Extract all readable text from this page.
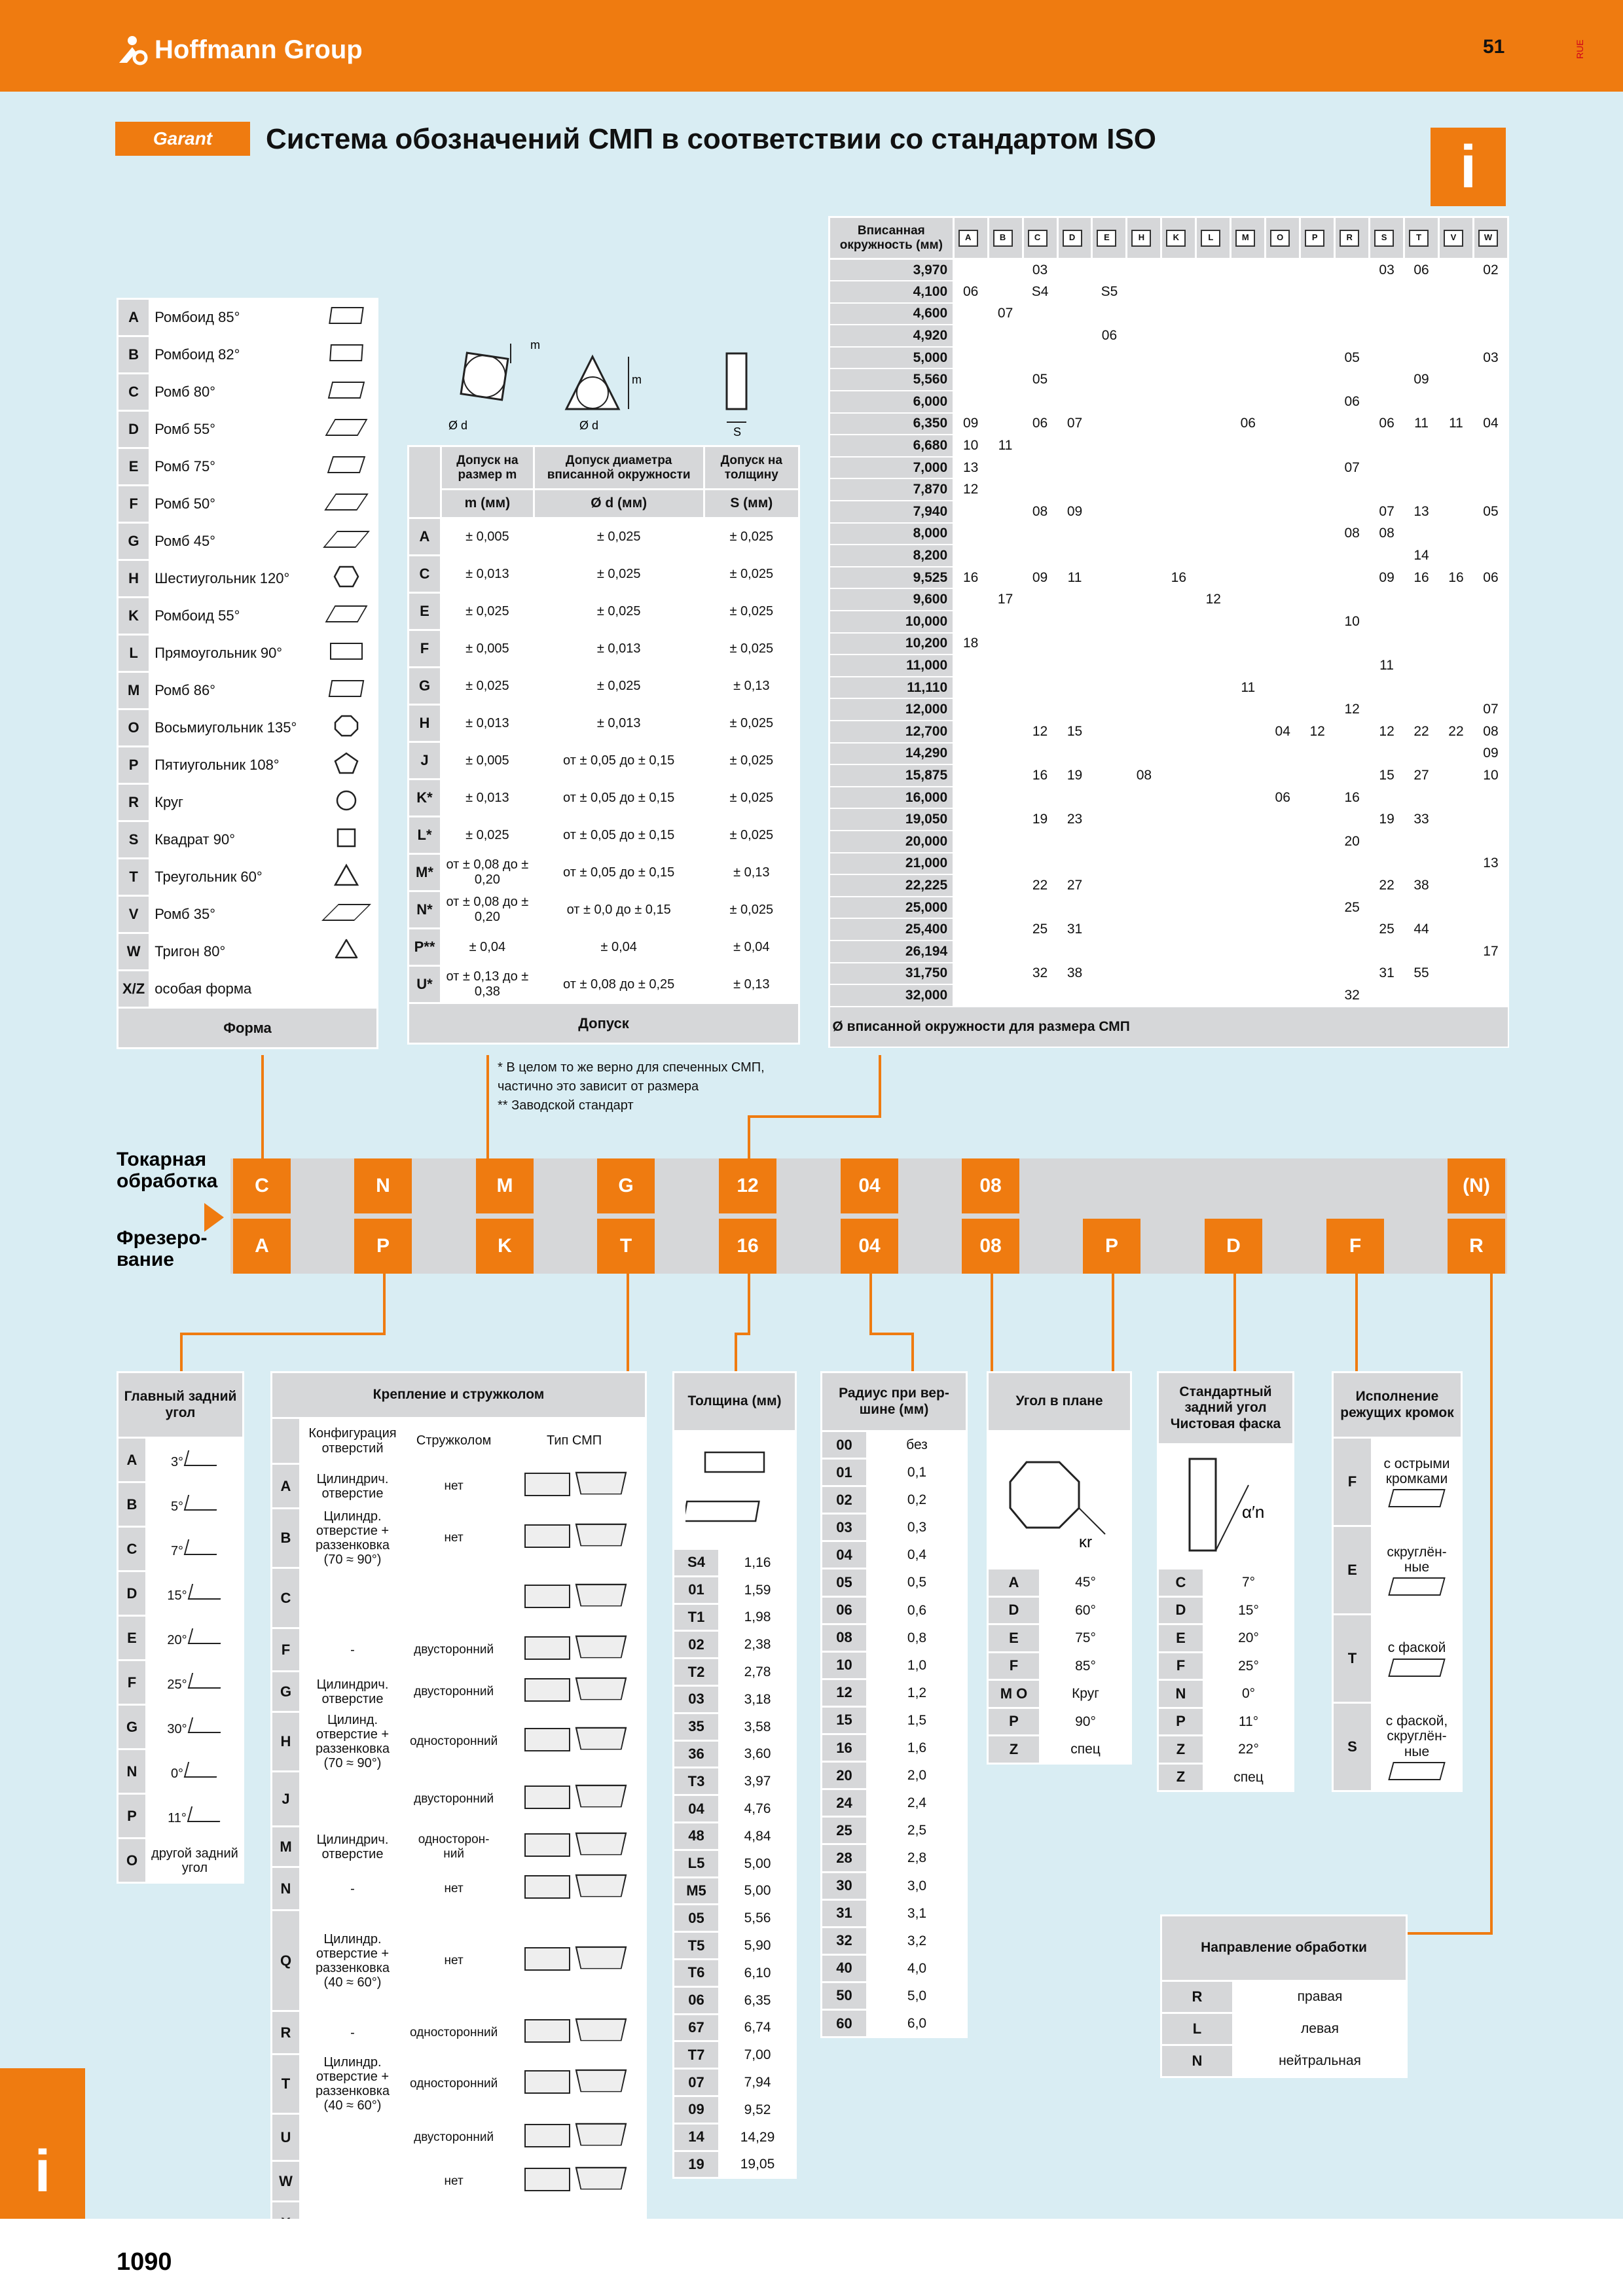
Hoffmann Group	51	RUE
Garant	Система обозначений СМП в соответствии со стандартом ISO	i
A	Ромбоид 85°	
B	Ромбоид 82°	
C	Ромб 80°	
D	Ромб 55°	
E	Ромб 75°	
F	Ромб 50°	
G	Ромб 45°	
H	Шестиугольник 120°	
K	Ромбоид 55°	
L	Прямоугольник 90°	
M	Ромб 86°	
O	Восьмиугольник 135°	
P	Пятиугольник 108°	
R	Круг	
S	Квадрат 90°	
T	Треугольник 60°	
V	Ромб 35°	
W	Тригон 80°	
X/Z	особая форма	
Форма		
m
Ø d	Ø d
m
S
	Допуск на размер m	Допуск диаметра вписанной окружности	Допуск на толщину
	m (мм)	Ø d (мм)	S (мм)
A	± 0,005	± 0,025	± 0,025
C	± 0,013	± 0,025	± 0,025
E	± 0,025	± 0,025	± 0,025
F	± 0,005	± 0,013	± 0,025
G	± 0,025	± 0,025	± 0,13
H	± 0,013	± 0,013	± 0,025
J	± 0,005	от ± 0,05 до ± 0,15	± 0,025
K*	± 0,013	от ± 0,05 до ± 0,15	± 0,025
L*	± 0,025	от ± 0,05 до ± 0,15	± 0,025
M*	от ± 0,08 до ± 0,20	от ± 0,05 до ± 0,15	± 0,13
N*	от ± 0,08 до ± 0,20	от ± 0,0 до ± 0,15	± 0,025
P**	± 0,04	± 0,04	± 0,04
U*	от ± 0,13 до ± 0,38	от ± 0,08 до ± 0,25	± 0,13
Допуск			
* В целом то же верно для спеченных СМП,
частично это зависит от размера
** Заводской стандарт
Вписанная окружность (мм)	A	B	C	D	E	H	K	L	M	O	P	R	S	T	V	W

3,970			03										03	06		02
4,100	06		S4		S5											
4,600		07														
4,920					06											
5,000												05				03
5,560			05											09		
6,000												06				
6,350	09		06	07					06				06	11	11	04
6,680	10	11														
7,000	13											07				
7,870	12															
7,940			08	09									07	13		05
8,000												08	08			
8,200														14		
9,525	16		09	11			16						09	16	16	06
9,600		17						12								
10,000												10				
10,200	18															
11,000													11			
11,110									11							
12,000												12				07
12,700			12	15						04	12		12	22	22	08
14,290																09
15,875			16	19		08							15	27		10
16,000										06		16				
19,050			19	23									19	33		
20,000												20				
21,000																13
22,225			22	27									22	38		
25,000												25				
25,400			25	31									25	44		
26,194																17
31,750			32	38									31	55		
32,000												32				
Ø вписанной окружности для размера СМП																
Токарная обработка
Фрезеро- вание
C	N	M	G	12	04	08	(N)
A	P	K	T	16	04	08	P	D	F	R
Главный задний угол	
A	3°
B	5°
C	7°
D	15°
E	20°
F	25°
G	30°
N	0°
P	11°
O	другой задний угол
Крепление и стружколом			
	Конфигурация отверстий	Стружколом	Тип СМП
A	Цилиндрич. отверстие	нет	
B	Цилиндр. отверстие + раззенковка (70 ≈ 90°)	нет	
C			
F	-	двусторонний	
G	Цилиндрич. отверстие	двусторонний	
H	Цилинд. отверстие + раззенковка (70 ≈ 90°)	односторонний	
J		двусторонний	
M	Цилиндрич. отверстие	односторон- ний	
N	-	нет	
Q	Цилиндр. отверстие + раззенковка (40 ≈ 60°)	нет	
R	-	односторонний	
T	Цилиндр. отверстие + раззенковка (40 ≈ 60°)	односторонний	
U		двусторонний	
W		нет	

Толщина (мм)	

S4	1,16
01	1,59
T1	1,98
02	2,38
T2	2,78
03	3,18
35	3,58
36	3,60
T3	3,97
04	4,76
48	4,84
L5	5,00
M5	5,00
05	5,56
T5	5,90
T6	6,10
06	6,35
67	6,74
T7	7,00
07	7,94
09	9,52
14	14,29
19	19,05
Радиус при вер- шине (мм)	
00	без
01	0,1
02	0,2
03	0,3
04	0,4
05	0,5
06	0,6
08	0,8
10	1,0
12	1,2
15	1,5
16	1,6
20	2,0
24	2,4
25	2,5
28	2,8
30	3,0
31	3,1
32	3,2
40	4,0
50	5,0
60	6,0
Угол в плане	

κr	

A	45°
D	60°
E	75°
F	85°
M O	Круг
P	90°
Z	спец
Стандартный задний угол Чистовая фаска	

α′n	

C	7°
D	15°
E	20°
F	25°
N	0°
P	11°
Z	22°
Z	спец
Исполнение режущих кромок	
F	с острыми кромками

E	скруглён- ные

T	с фаской

S	с фаской, скруглён- ные
Направление обработки	
R	правая
L	левая
N	нейтральная
i
1090
